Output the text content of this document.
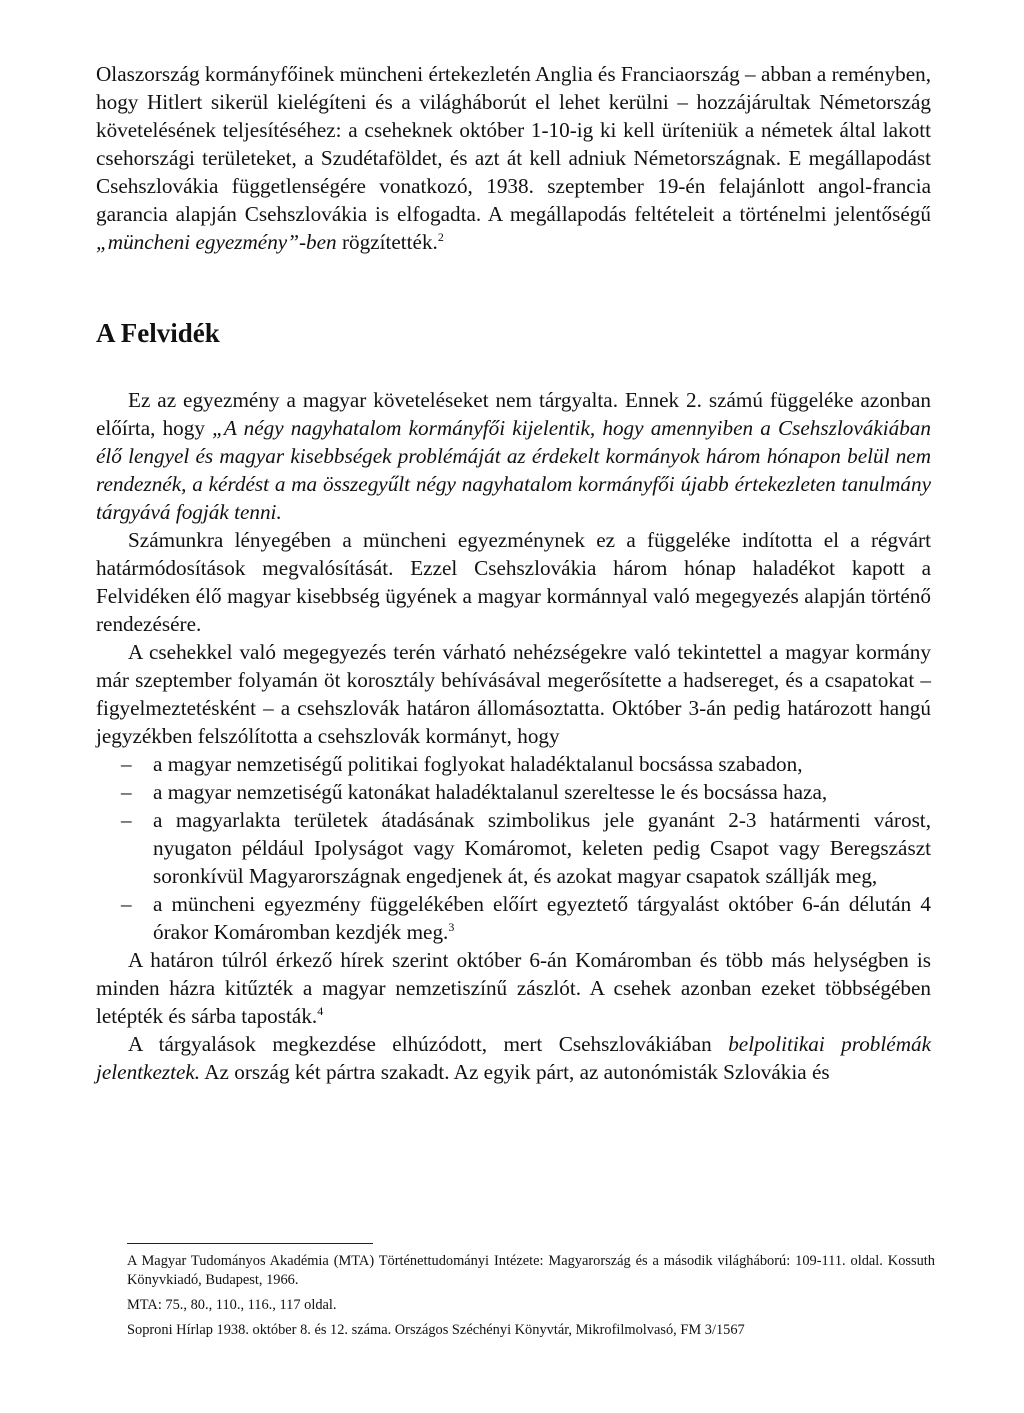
Olaszország kormányfőinek müncheni értekezletén Anglia és Franciaország – abban a reményben, hogy Hitlert sikerül kielégíteni és a világháborút el lehet kerülni – hozzájárultak Németország követelésének teljesítéséhez: a cseheknek október 1-10-ig ki kell üríteniük a németek által lakott csehországi területeket, a Szudétaföldet, és azt át kell adniuk Németországnak. E megállapodást Csehszlovákia függetlenségére vonatkozó, 1938. szeptember 19-én felajánlott angol-francia garancia alapján Csehszlovákia is elfogadta. A megállapodás feltételeit a történelmi jelentőségű „müncheni egyezmény”-ben rögzítették.$^2$

A Felvidék

Ez az egyezmény a magyar követeléseket nem tárgyalta. Ennek 2. számú függeléke azonban előírta, hogy „A négy nagyhatalom kormányfői kijelentik, hogy amennyiben a Csehszlovákiában élő lengyel és magyar kisebbségek problémáját az érdekelt kormányok három hónapon belül nem rendeznék, a kérdést a ma összegyűlt négy nagyhatalom kormányfői újabb értekezleten tanulmány tárgyává fogják tenni.

Számunkra lényegében a müncheni egyezménynek ez a függeléke indította el a régvárt határmódosítások megvalósítását. Ezzel Csehszlovákia három hónap haladékot kapott a Felvidéken élő magyar kisebbség ügyének a magyar kormánnyal való megegyezés alapján történő rendezésére.

A csehekkel való megegyezés terén várható nehézségekre való tekintettel a magyar kormány már szeptember folyamán öt korosztály behívásával megerősítette a hadsereget, és a csapatokat – figyelmeztetésként – a csehszlovák határon állomásoztatta. Október 3-án pedig határozott hangú jegyzékben felszólította a csehszlovák kormányt, hogy

– a magyar nemzetiségű politikai foglyokat haladéktalanul bocsássa szabadon,
– a magyar nemzetiségű katonákat haladéktalanul szereltesse le és bocsássa haza,
– a magyarlakta területek átadásának szimbolikus jele gyanánt 2-3 határmenti várost, nyugaton például Ipolyságot vagy Komáromot, keleten pedig Csapot vagy Beregszászt soronkívül Magyarországnak engedjenek át, és azokat magyar csapatok szállják meg,
– a müncheni egyezmény függelékében előírt egyeztető tárgyalást október 6-án délután 4 órakor Komáromban kezdjék meg.$^3$

A határon túlról érkező hírek szerint október 6-án Komáromban és több más helységben is minden házra kitűzték a magyar nemzetiszínű zászlót. A csehek azonban ezeket többségében letépték és sárba taposták.$^4$

A tárgyalások megkezdése elhúzódott, mert Csehszlovákiában belpolitikai problémák jelentkeztek. Az ország két pártra szakadt. Az egyik párt, az autonómisták Szlovákia és

A Magyar Tudományos Akadémia (MTA) Történettudományi Intézete: Magyarország és a második világháború: 109-111. oldal. Kossuth Könyvkiadó, Budapest, 1966.

MTA: 75., 80., 110., 116., 117 oldal.

Soproni Hírlap 1938. október 8. és 12. száma. Országos Széchényi Könyvtár, Mikrofilmolvasó, FM 3/1567
